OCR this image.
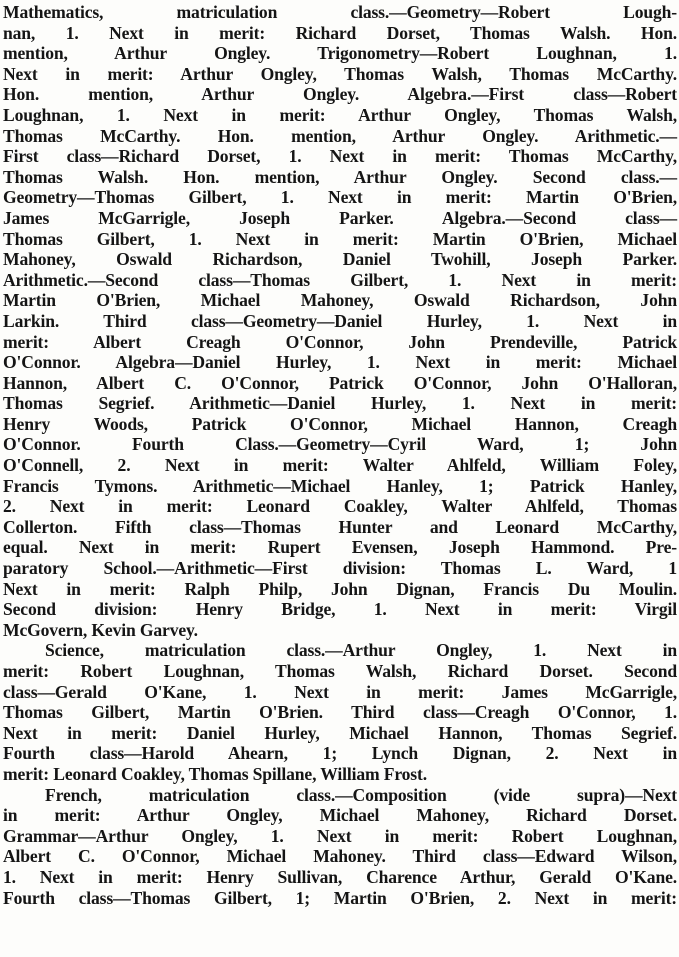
Mathematics, matriculation class.—Geometry—Robert Lough-
nan, 1. Next in merit: Richard Dorset, Thomas Walsh. Hon.
mention, Arthur Ongley. Trigonometry—Robert Loughnan, 1.
Next in merit: Arthur Ongley, Thomas Walsh, Thomas McCarthy.
Hon. mention, Arthur Ongley. Algebra.—First class—Robert
Loughnan, 1. Next in merit: Arthur Ongley, Thomas Walsh,
Thomas McCarthy. Hon. mention, Arthur Ongley. Arithmetic.—
First class—Richard Dorset, 1. Next in merit: Thomas McCarthy,
Thomas Walsh. Hon. mention, Arthur Ongley. Second class.—
Geometry—Thomas Gilbert, 1. Next in merit: Martin O'Brien,
James McGarrigle, Joseph Parker. Algebra.—Second class—
Thomas Gilbert, 1. Next in merit: Martin O'Brien, Michael
Mahoney, Oswald Richardson, Daniel Twohill, Joseph Parker.
Arithmetic.—Second class—Thomas Gilbert, 1. Next in merit:
Martin O'Brien, Michael Mahoney, Oswald Richardson, John
Larkin. Third class—Geometry—Daniel Hurley, 1. Next in
merit: Albert Creagh O'Connor, John Prendeville, Patrick
O'Connor. Algebra—Daniel Hurley, 1. Next in merit: Michael
Hannon, Albert C. O'Connor, Patrick O'Connor, John O'Halloran,
Thomas Segrief. Arithmetic—Daniel Hurley, 1. Next in merit:
Henry Woods, Patrick O'Connor, Michael Hannon, Creagh
O'Connor. Fourth Class.—Geometry—Cyril Ward, 1; John
O'Connell, 2. Next in merit: Walter Ahlfeld, William Foley,
Francis Tymons. Arithmetic—Michael Hanley, 1; Patrick Hanley,
2. Next in merit: Leonard Coakley, Walter Ahlfeld, Thomas
Collerton. Fifth class—Thomas Hunter and Leonard McCarthy,
equal. Next in merit: Rupert Evensen, Joseph Hammond. Pre-
paratory School.—Arithmetic—First division: Thomas L. Ward, 1
Next in merit: Ralph Philp, John Dignan, Francis Du Moulin.
Second division: Henry Bridge, 1. Next in merit: Virgil
McGovern, Kevin Garvey.
Science, matriculation class.—Arthur Ongley, 1. Next in
merit: Robert Loughnan, Thomas Walsh, Richard Dorset. Second
class—Gerald O'Kane, 1. Next in merit: James McGarrigle,
Thomas Gilbert, Martin O'Brien. Third class—Creagh O'Connor, 1.
Next in merit: Daniel Hurley, Michael Hannon, Thomas Segrief.
Fourth class—Harold Ahearn, 1; Lynch Dignan, 2. Next in
merit: Leonard Coakley, Thomas Spillane, William Frost.
French, matriculation class.—Composition (vide supra)—Next
in merit: Arthur Ongley, Michael Mahoney, Richard Dorset.
Grammar—Arthur Ongley, 1. Next in merit: Robert Loughnan,
Albert C. O'Connor, Michael Mahoney. Third class—Edward Wilson,
1. Next in merit: Henry Sullivan, Charence Arthur, Gerald O'Kane.
Fourth class—Thomas Gilbert, 1; Martin O'Brien, 2. Next in merit:
